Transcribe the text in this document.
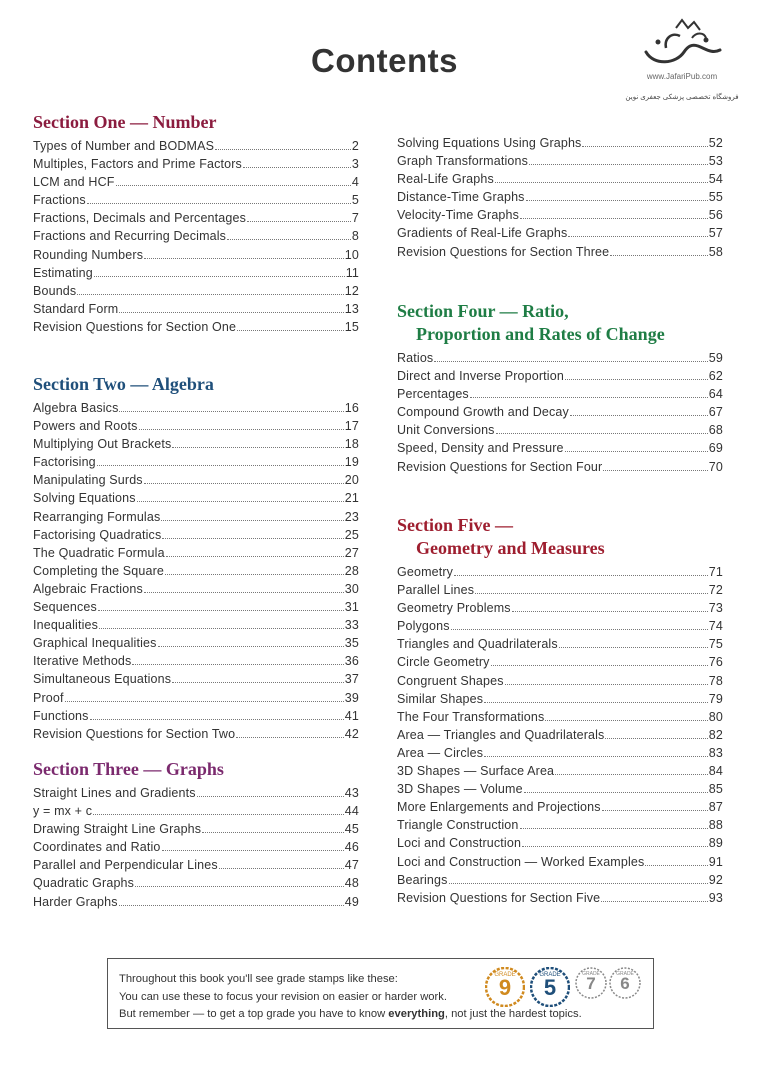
Contents	www.JafariPub.com
فروشگاه تخصصی پزشکی جعفری نوین
Section One — Number
Types of Number and BODMAS	2
Multiples, Factors and Prime Factors	3
LCM and HCF	4
Fractions	5
Fractions, Decimals and Percentages	7
Fractions and Recurring Decimals	8
Rounding Numbers	10
Estimating	11
Bounds	12
Standard Form	13
Revision Questions for Section One	15
Section Two — Algebra
Algebra Basics	16
Powers and Roots	17
Multiplying Out Brackets	18
Factorising	19
Manipulating Surds	20
Solving Equations	21
Rearranging Formulas	23
Factorising Quadratics	25
The Quadratic Formula	27
Completing the Square	28
Algebraic Fractions	30
Sequences	31
Inequalities	33
Graphical Inequalities	35
Iterative Methods	36
Simultaneous Equations	37
Proof	39
Functions	41
Revision Questions for Section Two	42
Section Three — Graphs
Straight Lines and Gradients	43
y = mx + c	44
Drawing Straight Line Graphs	45
Coordinates and Ratio	46
Parallel and Perpendicular Lines	47
Quadratic Graphs	48
Harder Graphs	49
Solving Equations Using Graphs	52
Graph Transformations	53
Real-Life Graphs	54
Distance-Time Graphs	55
Velocity-Time Graphs	56
Gradients of Real-Life Graphs	57
Revision Questions for Section Three	58
Section Four — Ratio,
Proportion and Rates of Change
Ratios	59
Direct and Inverse Proportion	62
Percentages	64
Compound Growth and Decay	67
Unit Conversions	68
Speed, Density and Pressure	69
Revision Questions for Section Four	70
Section Five —
Geometry and Measures
Geometry	71
Parallel Lines	72
Geometry Problems	73
Polygons	74
Triangles and Quadrilaterals	75
Circle Geometry	76
Congruent Shapes	78
Similar Shapes	79
The Four Transformations	80
Area — Triangles and Quadrilaterals	82
Area — Circles	83
3D Shapes — Surface Area	84
3D Shapes — Volume	85
More Enlargements and Projections	87
Triangle Construction	88
Loci and Construction	89
Loci and Construction — Worked Examples	91
Bearings	92
Revision Questions for Section Five	93
Throughout this book you'll see grade stamps like these:
You can use these to focus your revision on easier or harder work.
But remember — to get a top grade you have to know everything, not just the hardest topics.
9
GRADE 5
GRADE 7
GRADE 6
GRADE
